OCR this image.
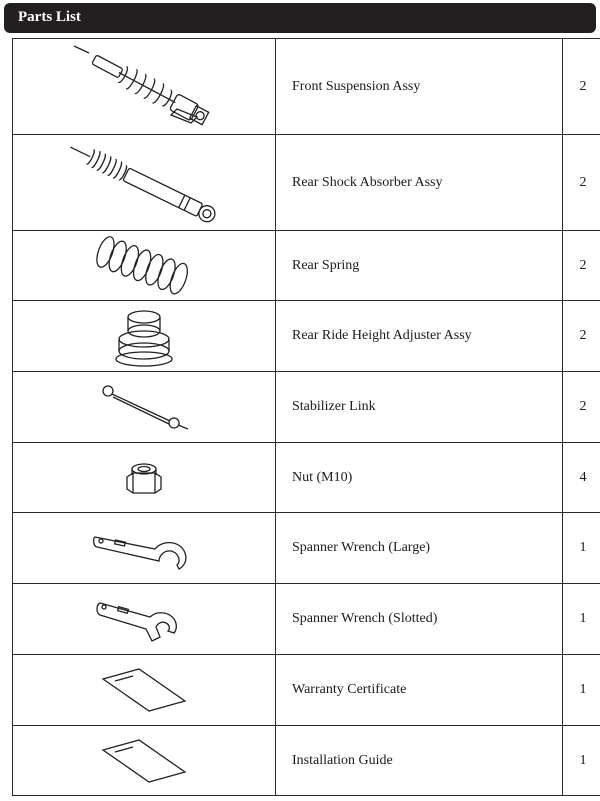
Parts List
	Front Suspension Assy	2

	Rear Shock Absorber Assy	2

	Rear Spring	2

	Rear Ride Height Adjuster Assy	2

	Stabilizer Link	2

	Nut (M10)	4

	Spanner Wrench (Large)	1

	Spanner Wrench (Slotted)	1

	Warranty Certificate	1

	Installation Guide	1
